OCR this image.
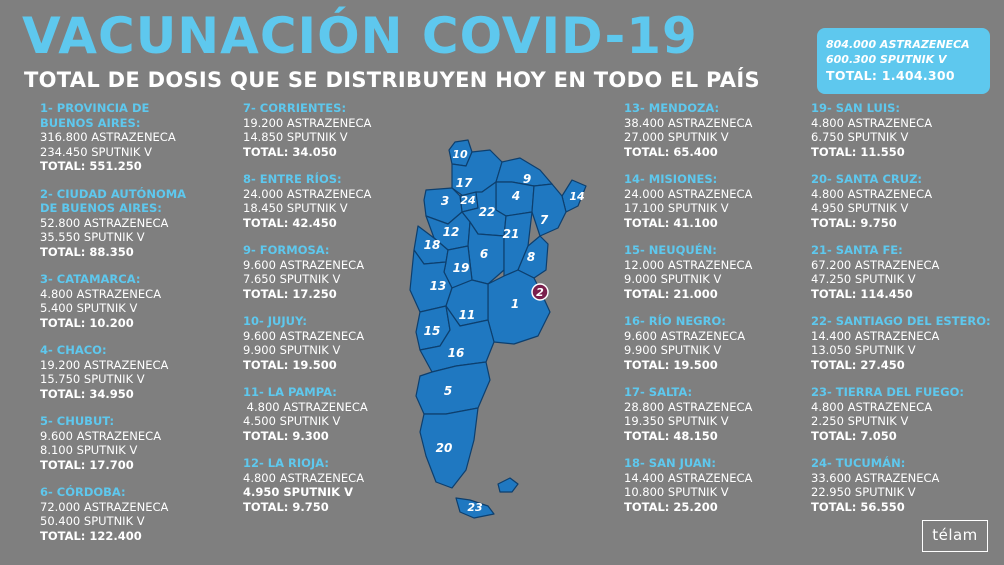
VACUNACIÓN COVID-19
TOTAL DE DOSIS QUE SE DISTRIBUYEN HOY EN TODO EL PAÍS
804.000 ASTRAZENECA
600.300 SPUTNIK V
TOTAL: 1.404.300
1- PROVINCIA DE
BUENOS AIRES:
316.800 ASTRAZENECA
234.450 SPUTNIK V
TOTAL: 551.250
2- CIUDAD AUTÓNOMA
DE BUENOS AIRES:
52.800 ASTRAZENECA
35.550 SPUTNIK V
TOTAL: 88.350
3- CATAMARCA:
4.800 ASTRAZENECA
5.400 SPUTNIK V
TOTAL: 10.200
4- CHACO:
19.200 ASTRAZENECA
15.750 SPUTNIK V
TOTAL: 34.950
5- CHUBUT:
9.600 ASTRAZENECA
8.100 SPUTNIK V
TOTAL: 17.700
6- CÓRDOBA:
72.000 ASTRAZENECA
50.400 SPUTNIK V
TOTAL: 122.400
7- CORRIENTES:
19.200 ASTRAZENECA
14.850 SPUTNIK V
TOTAL: 34.050
8- ENTRE RÍOS:
24.000 ASTRAZENECA
18.450 SPUTNIK V
TOTAL: 42.450
9- FORMOSA:
9.600 ASTRAZENECA
7.650 SPUTNIK V
TOTAL: 17.250
10- JUJUY:
9.600 ASTRAZENECA
9.900 SPUTNIK V
TOTAL: 19.500
11- LA PAMPA:
4.800 ASTRAZENECA
4.500 SPUTNIK V
TOTAL: 9.300
12- LA RIOJA:
4.800 ASTRAZENECA
4.950 SPUTNIK V
TOTAL: 9.750
13- MENDOZA:
38.400 ASTRAZENECA
27.000 SPUTNIK V
TOTAL: 65.400
14- MISIONES:
24.000 ASTRAZENECA
17.100 SPUTNIK V
TOTAL: 41.100
15- NEUQUÉN:
12.000 ASTRAZENECA
9.000 SPUTNIK V
TOTAL: 21.000
16- RÍO NEGRO:
9.600 ASTRAZENECA
9.900 SPUTNIK V
TOTAL: 19.500
17- SALTA:
28.800 ASTRAZENECA
19.350 SPUTNIK V
TOTAL: 48.150
18- SAN JUAN:
14.400 ASTRAZENECA
10.800 SPUTNIK V
TOTAL: 25.200
19- SAN LUIS:
4.800 ASTRAZENECA
6.750 SPUTNIK V
TOTAL: 11.550
20- SANTA CRUZ:
4.800 ASTRAZENECA
4.950 SPUTNIK V
TOTAL: 9.750
21- SANTA FE:
67.200 ASTRAZENECA
47.250 SPUTNIK V
TOTAL: 114.450
22- SANTIAGO DEL ESTERO:
14.400 ASTRAZENECA
13.050 SPUTNIK V
TOTAL: 27.450
23- TIERRA DEL FUEGO:
4.800 ASTRAZENECA
2.250 SPUTNIK V
TOTAL: 7.050
24- TUCUMÁN:
33.600 ASTRAZENECA
22.950 SPUTNIK V
TOTAL: 56.550
1
2
3	4
5
6
7
8
9
10
11
12
13
14
15
16
17
18
19
20
21
22
23
24
télam
